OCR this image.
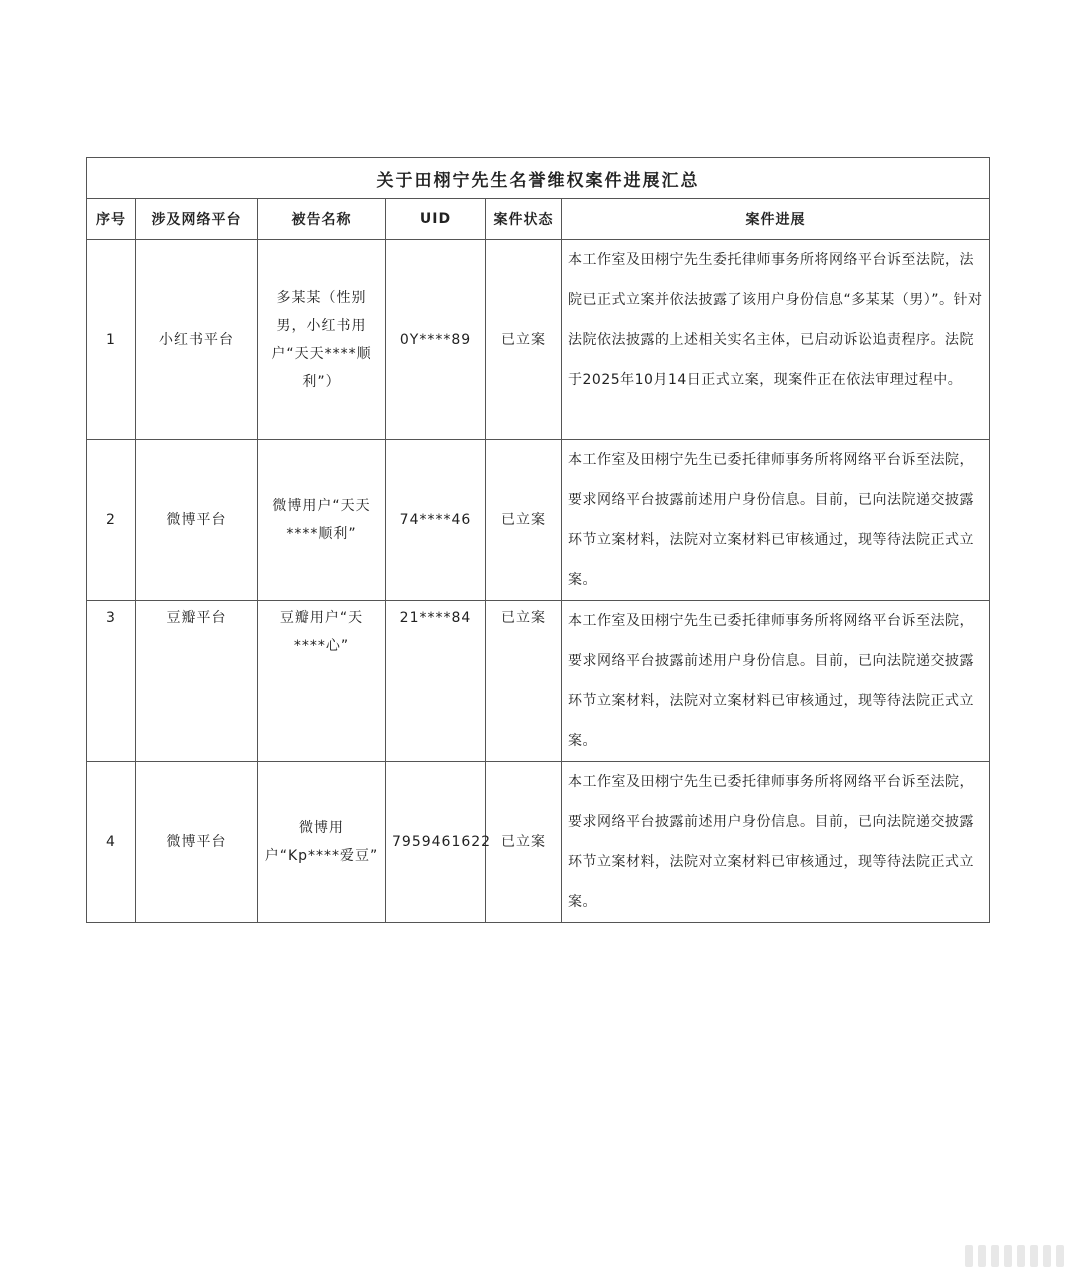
关于田栩宁先生名誉维权案件进展汇总					
序号	涉及网络平台	被告名称	UID	案件状态	案件进展
1	小红书平台	多某某（性别男，小红书用户“天天****顺利”）	0Y****89	已立案	本工作室及田栩宁先生委托律师事务所将网络平台诉至法院，法院已正式立案并依法披露了该用户身份信息“多某某（男）”。针对法院依法披露的上述相关实名主体，已启动诉讼追责程序。法院于2025年10月14日正式立案，现案件正在依法审理过程中。
2	微博平台	微博用户“天天****顺利”	74****46	已立案	本工作室及田栩宁先生已委托律师事务所将网络平台诉至法院，要求网络平台披露前述用户身份信息。目前，已向法院递交披露环节立案材料，法院对立案材料已审核通过，现等待法院正式立案。
3	豆瓣平台	豆瓣用户“天****心”	21****84	已立案	本工作室及田栩宁先生已委托律师事务所将网络平台诉至法院，要求网络平台披露前述用户身份信息。目前，已向法院递交披露环节立案材料，法院对立案材料已审核通过，现等待法院正式立案。
4	微博平台	微博用户“Kp****爱豆”	7959461622	已立案	本工作室及田栩宁先生已委托律师事务所将网络平台诉至法院，要求网络平台披露前述用户身份信息。目前，已向法院递交披露环节立案材料，法院对立案材料已审核通过，现等待法院正式立案。
